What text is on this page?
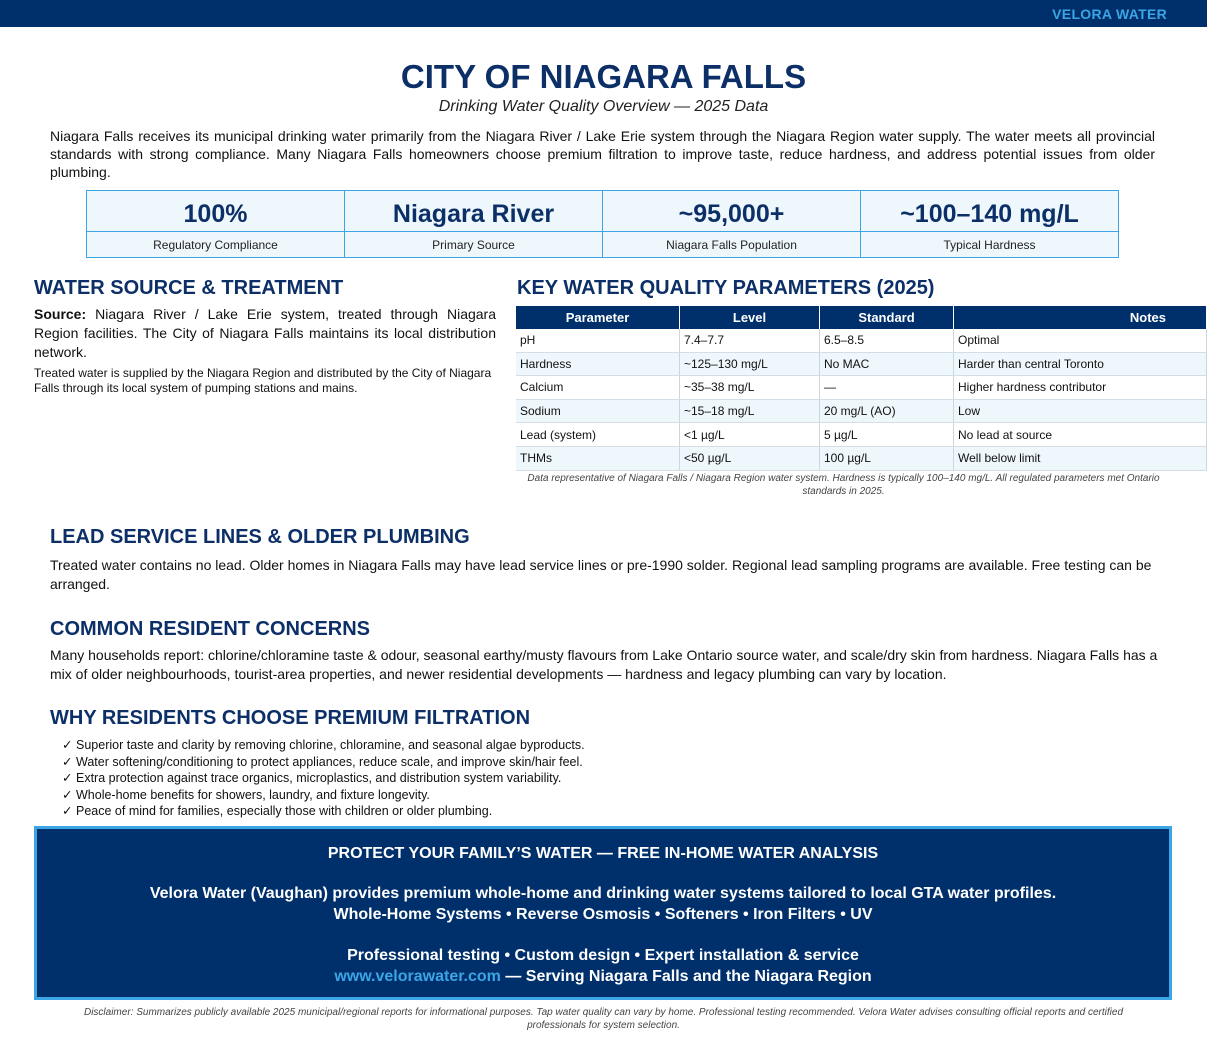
VELORA WATER
CITY OF NIAGARA FALLS
Drinking Water Quality Overview — 2025 Data
Niagara Falls receives its municipal drinking water primarily from the Niagara River / Lake Erie system through the Niagara Region water supply. The water meets all provincial standards with strong compliance. Many Niagara Falls homeowners choose premium filtration to improve taste, reduce hardness, and address potential issues from older plumbing.
100%
Regulatory Compliance
Niagara River
Primary Source
~95,000+
Niagara Falls Population
~100–140 mg/L
Typical Hardness
WATER SOURCE & TREATMENT
Source: Niagara River / Lake Erie system, treated through Niagara Region facilities. The City of Niagara Falls maintains its local distribution network.
Treated water is supplied by the Niagara Region and distributed by the City of Niagara Falls through its local system of pumping stations and mains.
KEY WATER QUALITY PARAMETERS (2025)
Parameter	Level	Standard	Notes
pH	7.4–7.7	6.5–8.5	Optimal
Hardness	~125–130 mg/L	No MAC	Harder than central Toronto
Calcium	~35–38 mg/L	—	Higher hardness contributor
Sodium	~15–18 mg/L	20 mg/L (AO)	Low
Lead (system)	<1 µg/L	5 µg/L	No lead at source
THMs	<50 µg/L	100 µg/L	Well below limit
Data representative of Niagara Falls / Niagara Region water system. Hardness is typically 100–140 mg/L. All regulated parameters met Ontario standards in 2025.
LEAD SERVICE LINES & OLDER PLUMBING
Treated water contains no lead. Older homes in Niagara Falls may have lead service lines or pre-1990 solder. Regional lead sampling programs are available. Free testing can be arranged.
COMMON RESIDENT CONCERNS
Many households report: chlorine/chloramine taste & odour, seasonal earthy/musty flavours from Lake Ontario source water, and scale/dry skin from hardness. Niagara Falls has a mix of older neighbourhoods, tourist-area properties, and newer residential developments — hardness and legacy plumbing can vary by location.
WHY RESIDENTS CHOOSE PREMIUM FILTRATION
✓ Superior taste and clarity by removing chlorine, chloramine, and seasonal algae byproducts.
✓ Water softening/conditioning to protect appliances, reduce scale, and improve skin/hair feel.
✓ Extra protection against trace organics, microplastics, and distribution system variability.
✓ Whole-home benefits for showers, laundry, and fixture longevity.
✓ Peace of mind for families, especially those with children or older plumbing.
PROTECT YOUR FAMILY’S WATER — FREE IN-HOME WATER ANALYSIS
Velora Water (Vaughan) provides premium whole-home and drinking water systems tailored to local GTA water profiles.
Whole-Home Systems • Reverse Osmosis • Softeners • Iron Filters • UV
Professional testing • Custom design • Expert installation & service
www.velorawater.com — Serving Niagara Falls and the Niagara Region
Disclaimer: Summarizes publicly available 2025 municipal/regional reports for informational purposes. Tap water quality can vary by home. Professional testing recommended. Velora Water advises consulting official reports and certified professionals for system selection.
